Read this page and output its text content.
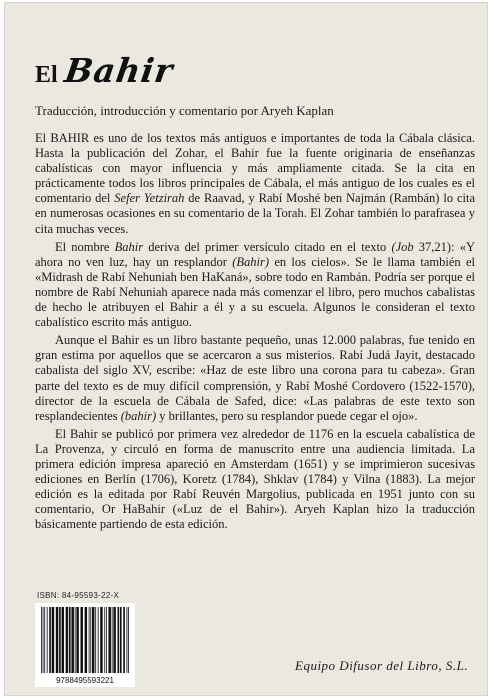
El Bahir
Traducción, introducción y comentario por Aryeh Kaplan

El BAHIR es uno de los textos más antiguos e importantes de toda la Cábala clásica. Hasta la publicación del Zohar, el Bahir fue la fuente originaria de enseñanzas cabalísticas con mayor influencia y más ampliamente citada. Se la cita en prácticamente todos los libros principales de Cábala, el más antiguo de los cuales es el comentario del Sefer Yetzirah de Raavad, y Rabí Moshé ben Najmán (Rambán) lo cita en numerosas ocasiones en su comentario de la Torah. El Zohar también lo parafrasea y cita muchas veces.

El nombre Bahir deriva del primer versículo citado en el texto (Job 37,21): «Y ahora no ven luz, hay un resplandor (Bahir) en los cielos». Se le llama también el «Midrash de Rabí Nehuniah ben HaKaná», sobre todo en Rambán. Podría ser porque el nombre de Rabí Nehuniah aparece nada más comenzar el libro, pero muchos cabalistas de hecho le atribuyen el Bahir a él y a su escuela. Algunos le consideran el texto cabalístico escrito más antiguo.

Aunque el Bahir es un libro bastante pequeño, unas 12.000 palabras, fue tenido en gran estima por aquellos que se acercaron a sus misterios. Rabí Judá Jayit, destacado cabalista del siglo XV, escribe: «Haz de este libro una corona para tu cabeza». Gran parte del texto es de muy difícil comprensión, y Rabí Moshé Cordovero (1522-1570), director de la escuela de Cábala de Safed, dice: «Las palabras de este texto son resplandecientes (bahir) y brillantes, pero su resplandor puede cegar el ojo».

El Bahir se publicó por primera vez alrededor de 1176 en la escuela cabalística de La Provenza, y circuló en forma de manuscrito entre una audiencia limitada. La primera edición impresa apareció en Amsterdam (1651) y se imprimieron sucesivas ediciones en Berlín (1706), Koretz (1784), Shklav (1784) y Vilna (1883). La mejor edición es la editada por Rabí Reuvén Margolius, publicada en 1951 junto con su comentario, Or HaBahir («Luz de el Bahir»). Aryeh Kaplan hizo la traducción básicamente partiendo de esta edición.

ISBN: 84-95593-22-X
9788495593221
Equipo Difusor del Libro, S.L.
